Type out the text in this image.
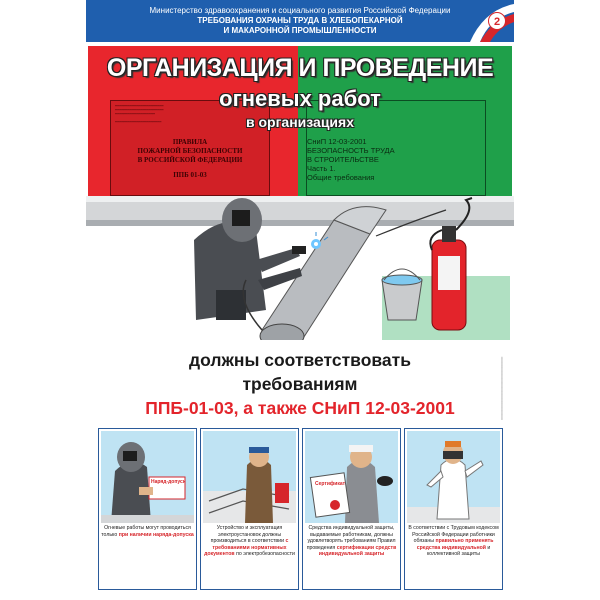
Министерство здравоохранения и социального развития Российской Федерации
ТРЕБОВАНИЯ ОХРАНЫ ТРУДА В ХЛЕБОПЕКАРНОЙ
И МАКАРОННОЙ ПРОМЫШЛЕННОСТИ
2
━━━━━━━━━━━━━━━━━━━━━━━
━━━━━━━━━━━━━━━━━━━━━━━
━━━━━━━━━━━━━━━━━━━

━━━━━━━━━━━━━━━━━━━━━━
ПРАВИЛА
ПОЖАРНОЙ БЕЗОПАСНОСТИ
В РОССИЙСКОЙ ФЕДЕРАЦИИ
ППБ 01-03
СниП 12-03-2001
БЕЗОПАСНОСТЬ ТРУДА
В СТРОИТЕЛЬСТВЕ
Часть 1.
Общие требования
ОРГАНИЗАЦИЯ И ПРОВЕДЕНИЕ
огневых работ
в организациях
должны соответствовать
требованиям
ППБ-01-03, а также СНиП 12-03-2001	━━━━━━━━━━━━━━━━━━━━━━━━━━━━━━━━━━━
Наряд-допуск
Огневые работы могут проводиться только при наличии наряда-допуска
Устройство и эксплуатация электроустановок должны производиться в соответствии с требованиями нормативных документов по электробезопасности
Сертификат
Средства индивидуальной защиты, выдаваемые работникам, должны удовлетворять требованиям Правил проведения сертификации средств индивидуальной защиты
В соответствии с Трудовым кодексом Российской Федерации работники обязаны правильно применять средства индивидуальной и коллективной защиты
